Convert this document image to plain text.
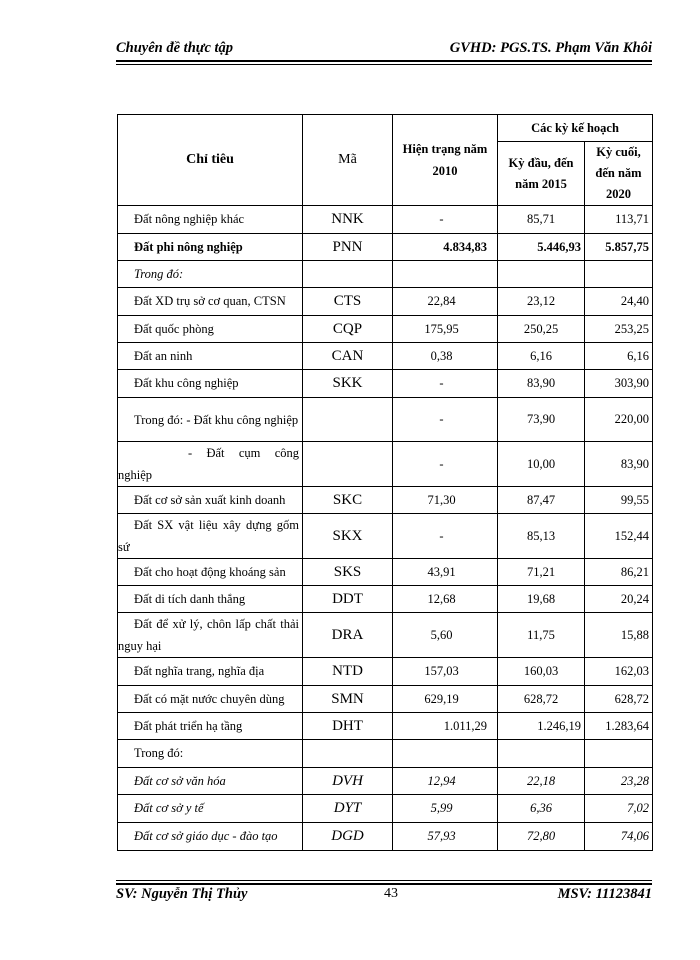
Chuyên đề thực tập	GVHD: PGS.TS. Phạm Văn Khôi
Chỉ tiêu	Mã	Hiện trạng năm 2010	Các kỳ kế hoạch	
			Kỳ đầu, đến năm 2015	Kỳ cuối, đến năm 2020
Đất nông nghiệp khác	NNK	-	85,71	113,71
Đất phi nông nghiệp	PNN	4.834,83	5.446,93	5.857,75
Trong đó:				
Đất XD trụ sở cơ quan, CTSN	CTS	22,84	23,12	24,40
Đất quốc phòng	CQP	175,95	250,25	253,25
Đất an ninh	CAN	0,38	6,16	6,16
Đất khu công nghiệp	SKK	-	83,90	303,90
Trong đó: - Đất khu công nghiệp		-	73,90	220,00
- Đất cụm công nghiệp		-	10,00	83,90
Đất cơ sở sản xuất kinh doanh	SKC	71,30	87,47	99,55
Đất SX vật liệu xây dựng gốm sứ	SKX	-	85,13	152,44
Đất cho hoạt động khoáng sản	SKS	43,91	71,21	86,21
Đất di tích danh thắng	DDT	12,68	19,68	20,24
Đất để xử lý, chôn lấp chất thải nguy hại	DRA	5,60	11,75	15,88
Đất nghĩa trang, nghĩa địa	NTD	157,03	160,03	162,03
Đất có mặt nước chuyên dùng	SMN	629,19	628,72	628,72
Đất phát triển hạ tầng	DHT	1.011,29	1.246,19	1.283,64
Trong đó:				
Đất cơ sở văn hóa	DVH	12,94	22,18	23,28
Đất cơ sở y tế	DYT	5,99	6,36	7,02
Đất cơ sở giáo dục - đào tạo	DGD	57,93	72,80	74,06
SV: Nguyễn Thị Thủy	43	MSV: 11123841
